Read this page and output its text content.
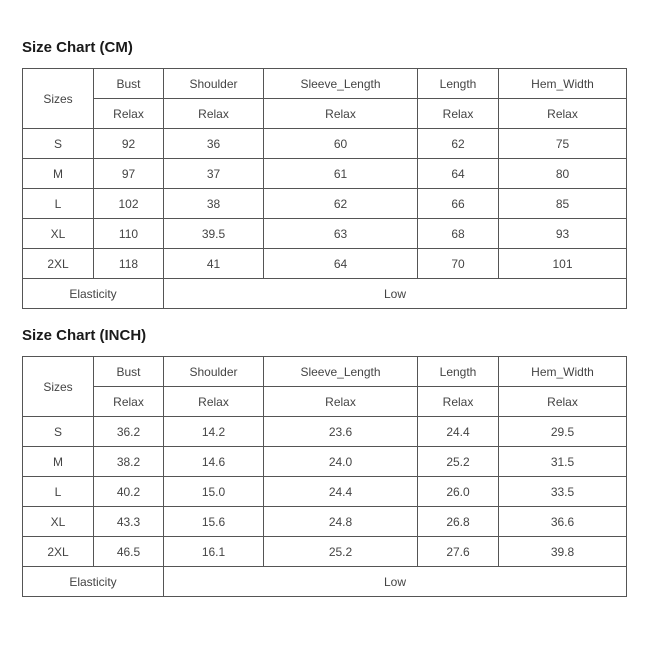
Size Chart (CM)
Sizes	Bust	Shoulder	Sleeve_Length	Length	Hem_Width
	Relax	Relax	Relax	Relax	Relax
S	92	36	60	62	75
M	97	37	61	64	80
L	102	38	62	66	85
XL	110	39.5	63	68	93
2XL	118	41	64	70	101
Elasticity		Low			
Size Chart (INCH)
Sizes	Bust	Shoulder	Sleeve_Length	Length	Hem_Width
	Relax	Relax	Relax	Relax	Relax
S	36.2	14.2	23.6	24.4	29.5
M	38.2	14.6	24.0	25.2	31.5
L	40.2	15.0	24.4	26.0	33.5
XL	43.3	15.6	24.8	26.8	36.6
2XL	46.5	16.1	25.2	27.6	39.8
Elasticity		Low			
